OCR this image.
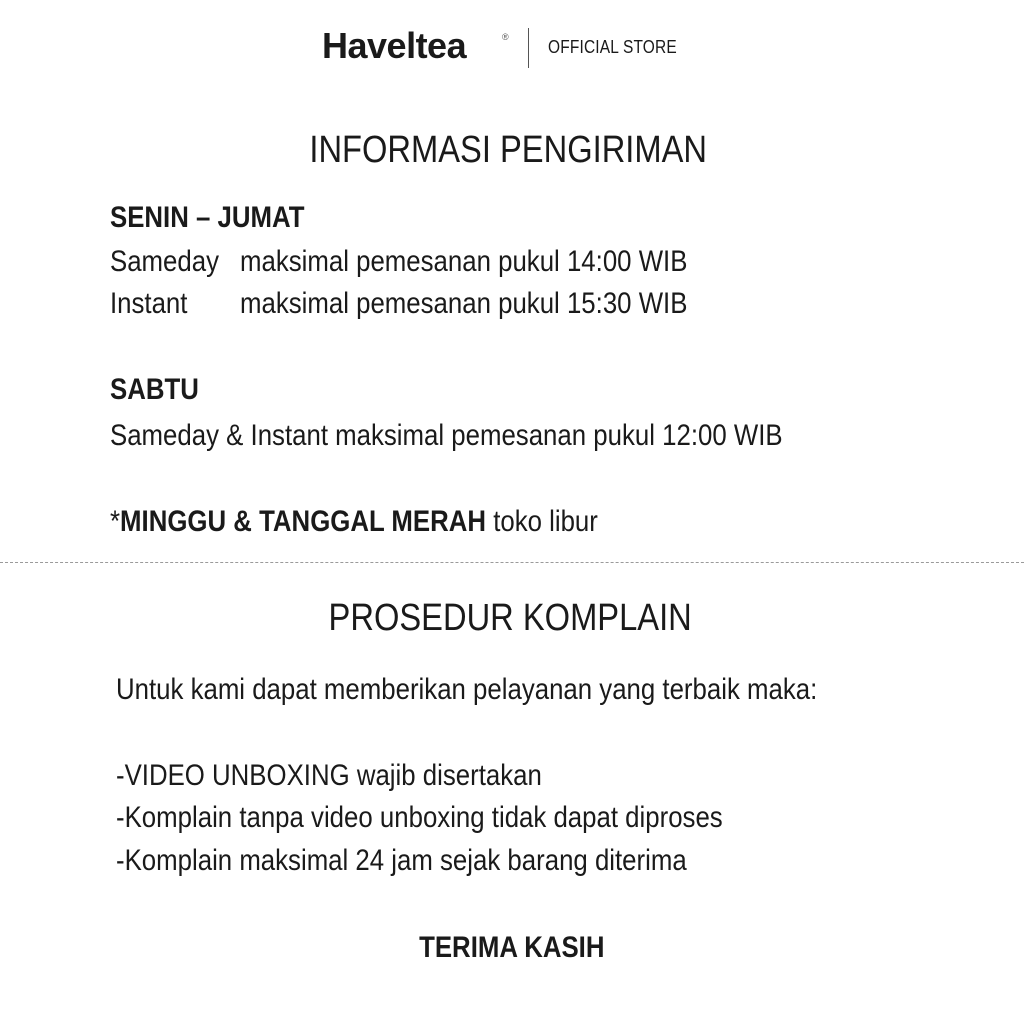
Haveltea	® OFFICIAL STORE
INFORMASI PENGIRIMAN
SENIN – JUMAT
Sameday maksimal pemesanan pukul 14:00 WIB
Instant maksimal pemesanan pukul 15:30 WIB
SABTU
Sameday & Instant maksimal pemesanan pukul 12:00 WIB
*MINGGU & TANGGAL MERAH toko libur
PROSEDUR KOMPLAIN
Untuk kami dapat memberikan pelayanan yang terbaik maka:
-VIDEO UNBOXING wajib disertakan
-Komplain tanpa video unboxing tidak dapat diproses
-Komplain maksimal 24 jam sejak barang diterima
TERIMA KASIH
